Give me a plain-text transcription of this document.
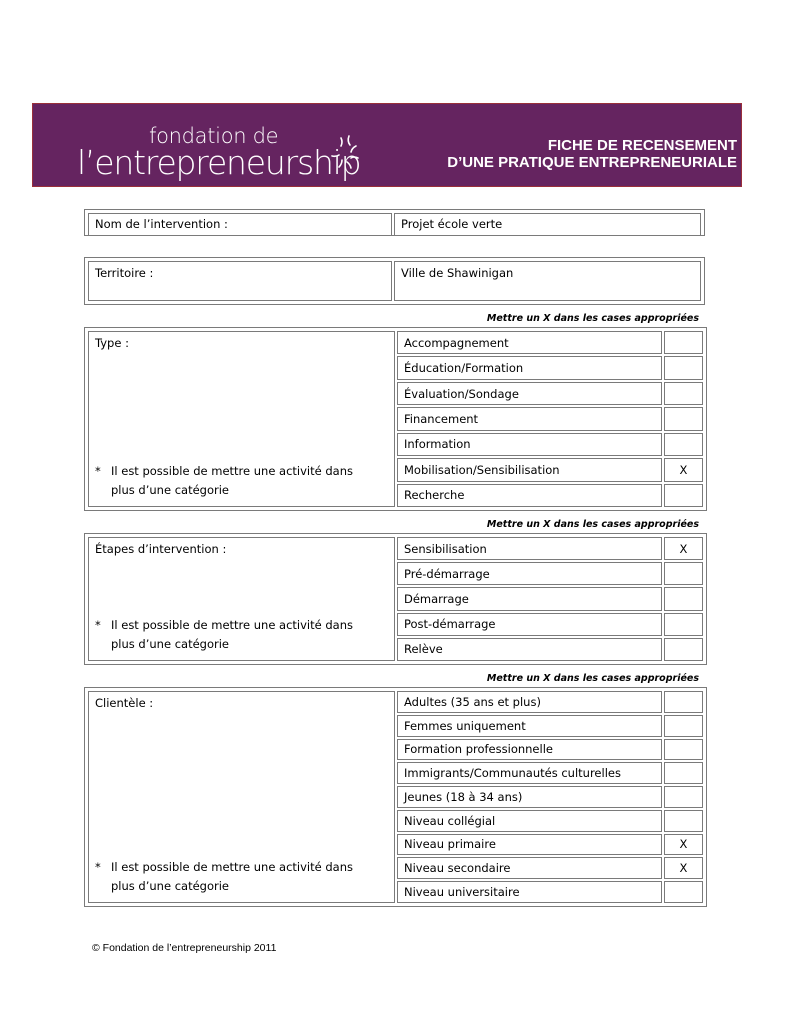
fondation de
l’entrepreneurship	FICHE DE RECENSEMENT
D’UNE PRATIQUE ENTREPRENEURIALE
Nom de l’intervention :	Projet école verte
Territoire :	Ville de Shawinigan
Mettre un X dans les cases appropriées
Type :
* Il est possible de mettre une activité dans plus d’une catégorie	Accompagnement	
	Éducation/Formation	
	Évaluation/Sondage	
	Financement	
	Information	
	Mobilisation/Sensibilisation	X
	Recherche	
Mettre un X dans les cases appropriées
Étapes d’intervention :
* Il est possible de mettre une activité dans plus d’une catégorie	Sensibilisation	X
	Pré-démarrage	
	Démarrage	
	Post-démarrage	
	Relève	
Mettre un X dans les cases appropriées
Clientèle :
* Il est possible de mettre une activité dans plus d’une catégorie	Adultes (35 ans et plus)	
	Femmes uniquement	
	Formation professionnelle	
	Immigrants/Communautés culturelles	
	Jeunes (18 à 34 ans)	
	Niveau collégial	
	Niveau primaire	X
	Niveau secondaire	X
	Niveau universitaire	
© Fondation de l’entrepreneurship 2011
